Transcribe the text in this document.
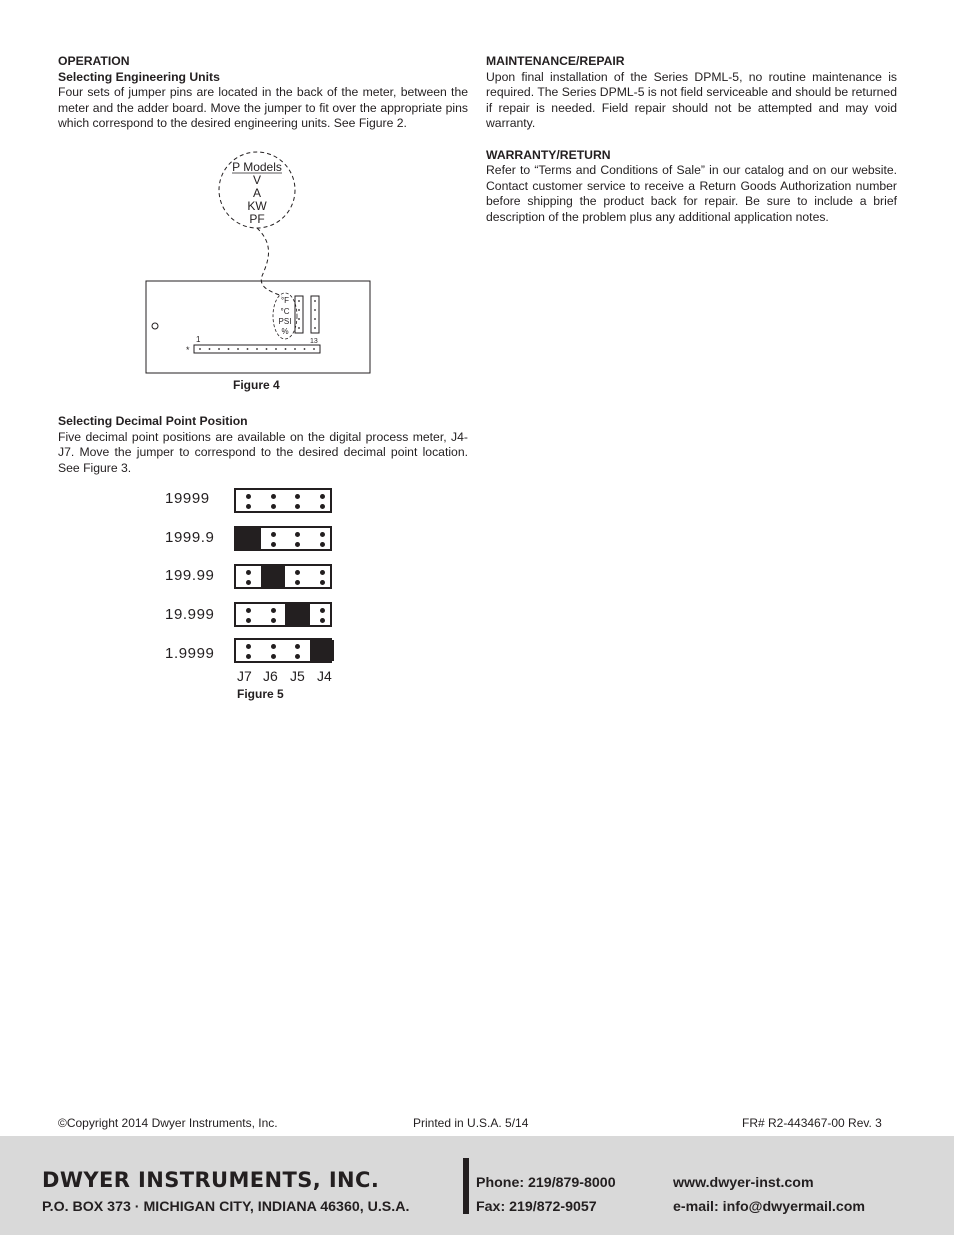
OPERATION

Selecting Engineering Units

Four sets of jumper pins are located in the back of the meter, between the meter and the adder board. Move the jumper to fit over the appropriate pins which correspond to the desired engineering units. See Figure 2.

P Models
V
A
KW
PF
°F
°C
PSI
%
1	13
*
Figure 4

Selecting Decimal Point Position

Five decimal point positions are available on the digital process meter, J4-J7. Move the jumper to correspond to the desired decimal point location. See Figure 3.

19999
1999.9
199.99
19.999
1.9999
J7 J6 J5 J4
Figure 5

MAINTENANCE/REPAIR

Upon final installation of the Series DPML-5, no routine maintenance is required. The Series DPML-5 is not field serviceable and should be returned if repair is needed. Field repair should not be attempted and may void warranty.

WARRANTY/RETURN

Refer to “Terms and Conditions of Sale” in our catalog and on our website. Contact customer service to receive a Return Goods Authorization number before shipping the product back for repair. Be sure to include a brief description of the problem plus any additional application notes.

©Copyright 2014 Dwyer Instruments, Inc.	Printed in U.S.A. 5/14	FR# R2-443467-00 Rev. 3
DWYER INSTRUMENTS, INC.
P.O. BOX 373 · MICHIGAN CITY, INDIANA 46360, U.S.A.
Phone: 219/879-8000
Fax: 219/872-9057
www.dwyer-inst.com
e-mail: info@dwyermail.com
